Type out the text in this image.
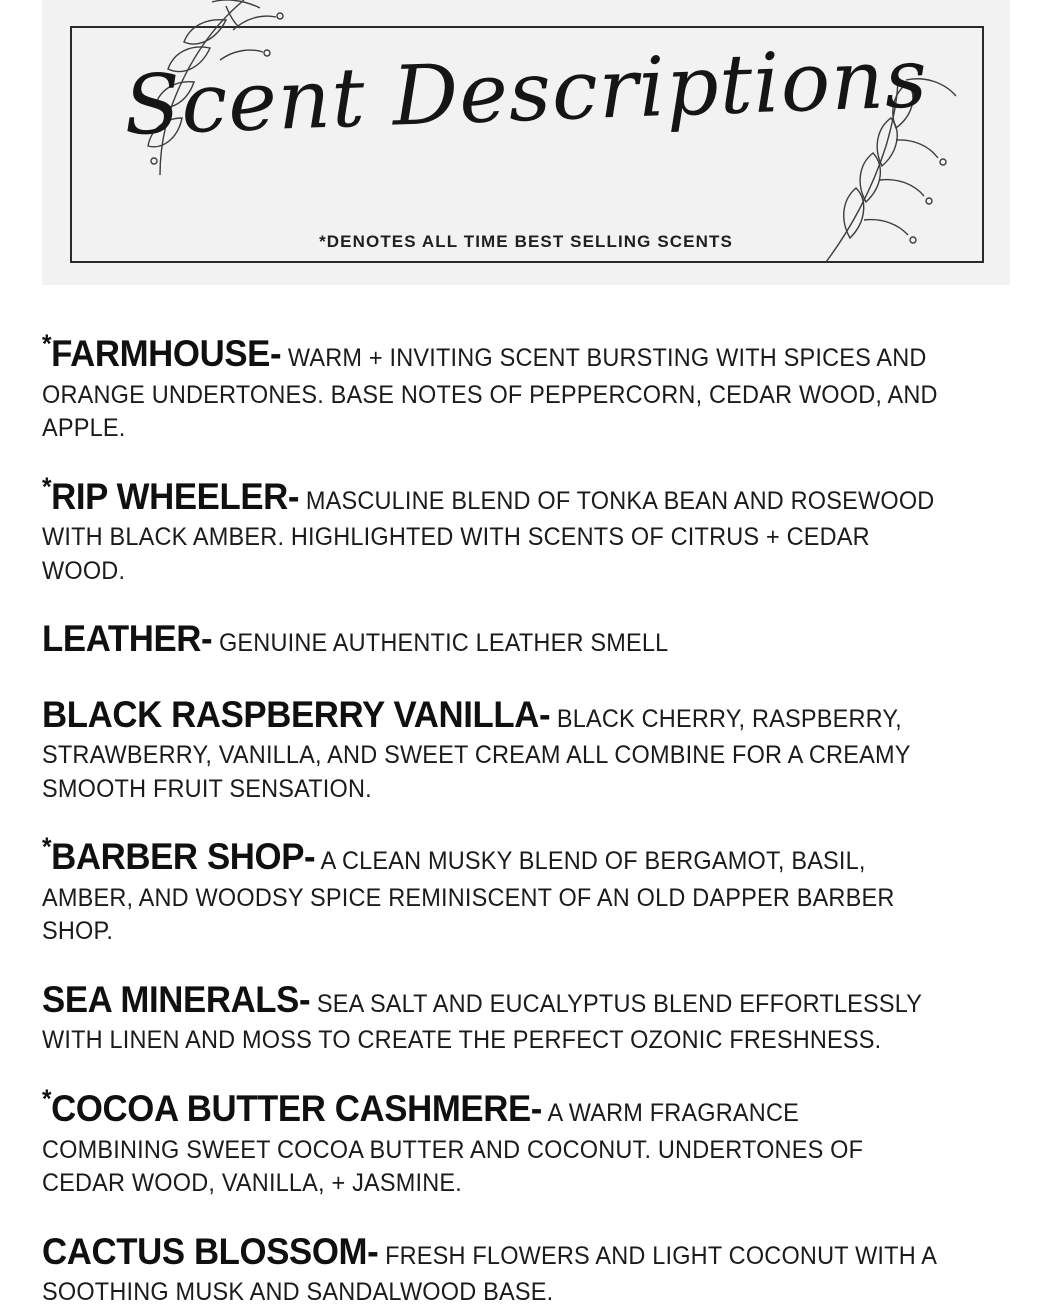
Scent Descriptions
*DENOTES ALL TIME BEST SELLING SCENTS

*FARMHOUSE- WARM + INVITING SCENT BURSTING WITH SPICES AND ORANGE UNDERTONES. BASE NOTES OF PEPPERCORN, CEDAR WOOD, AND APPLE.

*RIP WHEELER- MASCULINE BLEND OF TONKA BEAN AND ROSEWOOD WITH BLACK AMBER. HIGHLIGHTED WITH SCENTS OF CITRUS + CEDAR WOOD.

LEATHER- GENUINE AUTHENTIC LEATHER SMELL

BLACK RASPBERRY VANILLA- BLACK CHERRY, RASPBERRY, STRAWBERRY, VANILLA, AND SWEET CREAM ALL COMBINE FOR A CREAMY SMOOTH FRUIT SENSATION.

*BARBER SHOP- A CLEAN MUSKY BLEND OF BERGAMOT, BASIL, AMBER, AND WOODSY SPICE REMINISCENT OF AN OLD DAPPER BARBER SHOP.

SEA MINERALS- SEA SALT AND EUCALYPTUS BLEND EFFORTLESSLY WITH LINEN AND MOSS TO CREATE THE PERFECT OZONIC FRESHNESS.

*COCOA BUTTER CASHMERE- A WARM FRAGRANCE COMBINING SWEET COCOA BUTTER AND COCONUT. UNDERTONES OF CEDAR WOOD, VANILLA, + JASMINE.

CACTUS BLOSSOM- FRESH FLOWERS AND LIGHT COCONUT WITH A SOOTHING MUSK AND SANDALWOOD BASE.
